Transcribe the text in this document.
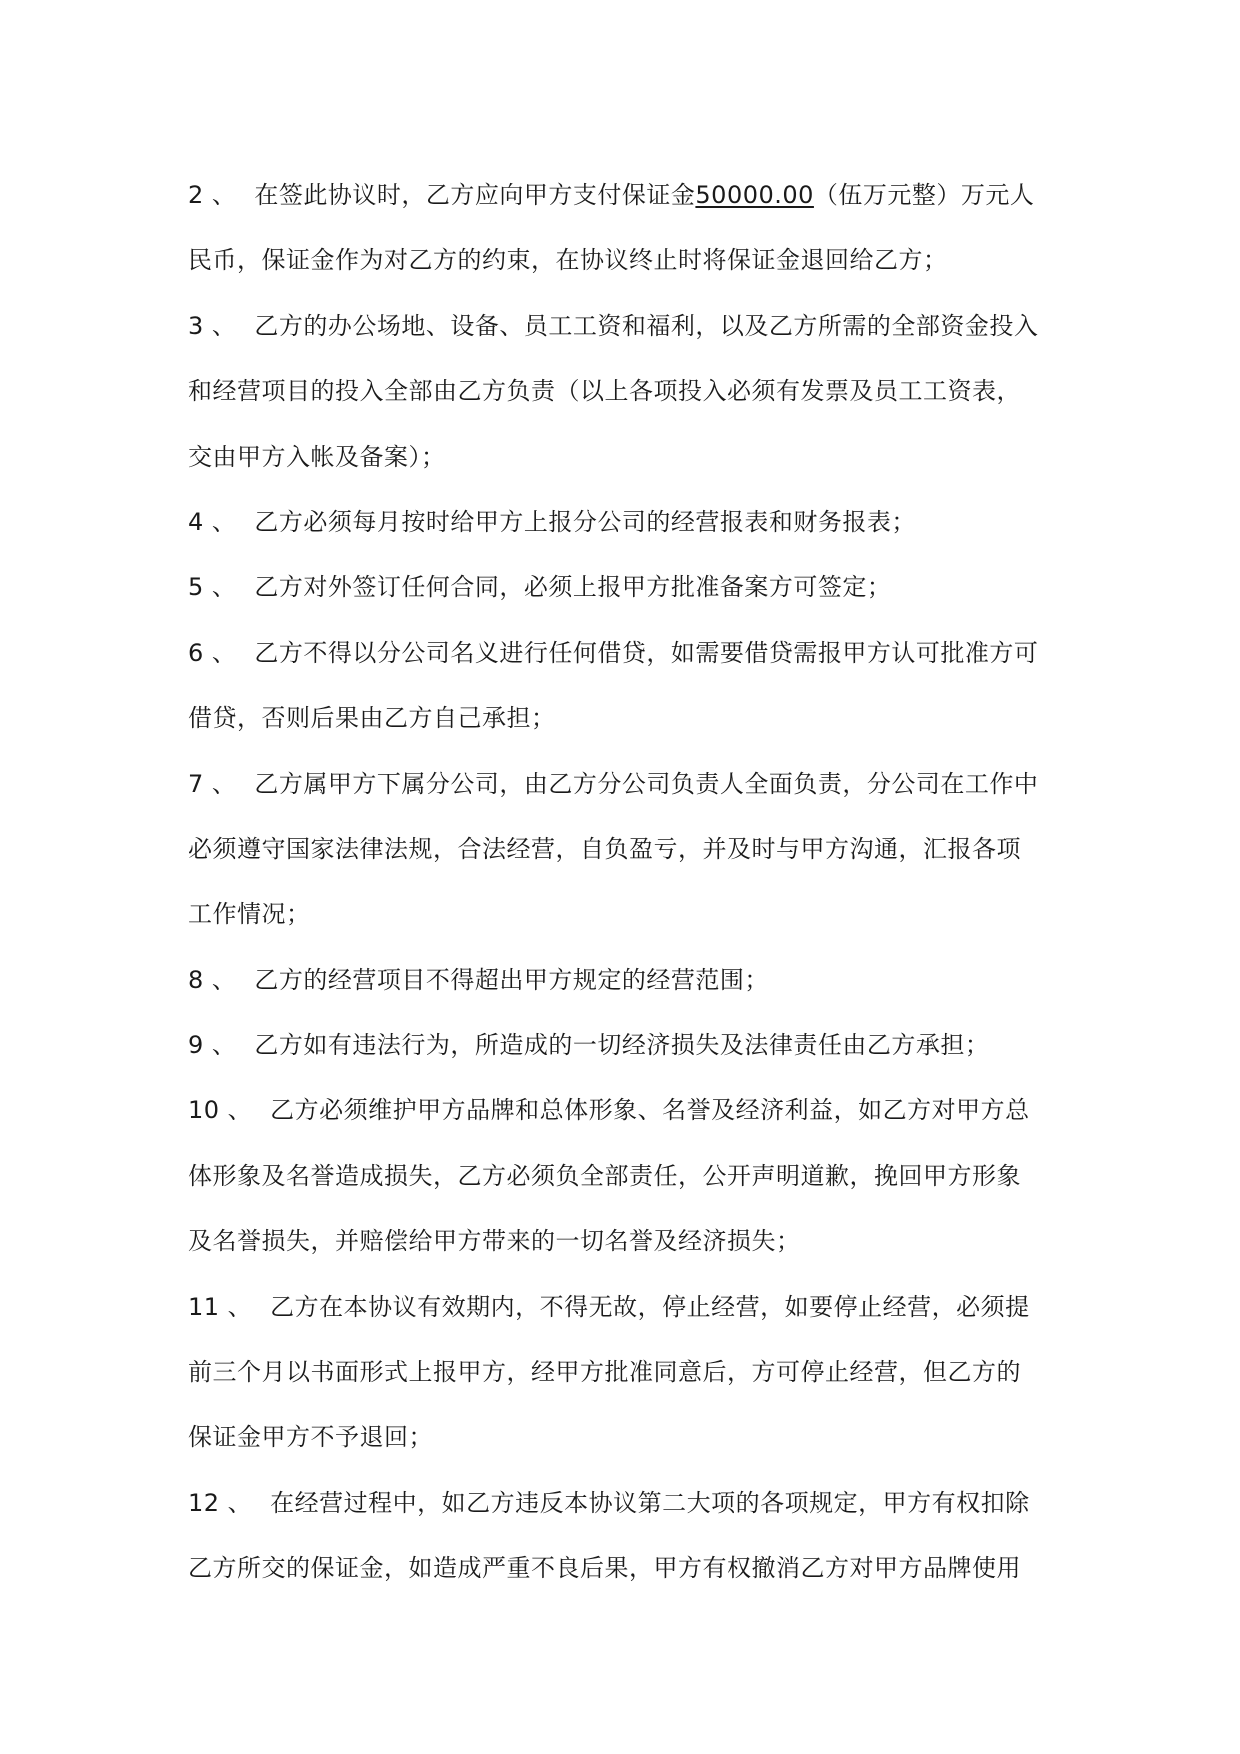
2 、 在签此协议时，乙方应向甲方支付保证金50000.00（伍万元整）万元人
民币，保证金作为对乙方的约束，在协议终止时将保证金退回给乙方；
3 、 乙方的办公场地、设备、员工工资和福利，以及乙方所需的全部资金投入
和经营项目的投入全部由乙方负责（以上各项投入必须有发票及员工工资表，
交由甲方入帐及备案）；
4 、 乙方必须每月按时给甲方上报分公司的经营报表和财务报表；
5 、 乙方对外签订任何合同，必须上报甲方批准备案方可签定；
6 、 乙方不得以分公司名义进行任何借贷，如需要借贷需报甲方认可批准方可
借贷，否则后果由乙方自己承担；
7 、 乙方属甲方下属分公司，由乙方分公司负责人全面负责，分公司在工作中
必须遵守国家法律法规，合法经营，自负盈亏，并及时与甲方沟通，汇报各项
工作情况；
8 、 乙方的经营项目不得超出甲方规定的经营范围；
9 、 乙方如有违法行为，所造成的一切经济损失及法律责任由乙方承担；
10 、 乙方必须维护甲方品牌和总体形象、名誉及经济利益，如乙方对甲方总
体形象及名誉造成损失，乙方必须负全部责任，公开声明道歉，挽回甲方形象
及名誉损失，并赔偿给甲方带来的一切名誉及经济损失；
11 、 乙方在本协议有效期内，不得无故，停止经营，如要停止经营，必须提
前三个月以书面形式上报甲方，经甲方批准同意后，方可停止经营，但乙方的
保证金甲方不予退回；
12 、 在经营过程中，如乙方违反本协议第二大项的各项规定，甲方有权扣除
乙方所交的保证金，如造成严重不良后果，甲方有权撤消乙方对甲方品牌使用
